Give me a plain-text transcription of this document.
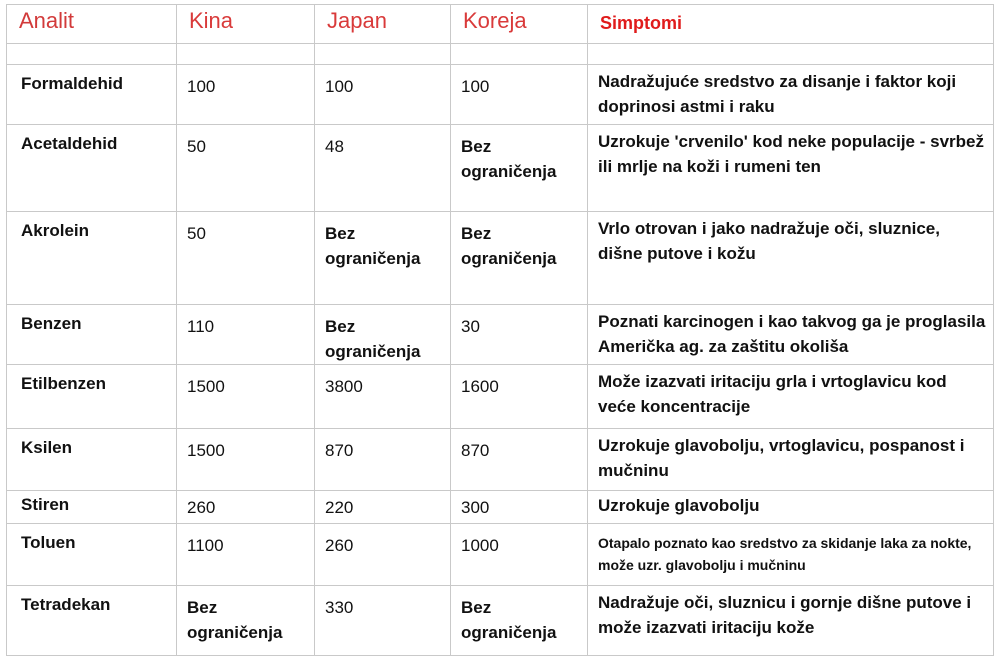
Analit	Kina	Japan	Koreja	Simptomi

Formaldehid	100	100	100	Nadražujuće sredstvo za disanje i faktor koji doprinosi astmi i raku
Acetaldehid	50	48	Bez ograničenja	Uzrokuje 'crvenilo' kod neke populacije - svrbež ili mrlje na koži i rumeni ten
Akrolein	50	Bez ograničenja	Bez ograničenja	Vrlo otrovan i jako nadražuje oči, sluznice, dišne putove i kožu
Benzen	110	Bez ograničenja	30	Poznati karcinogen i kao takvog ga je proglasila Američka ag. za zaštitu okoliša
Etilbenzen	1500	3800	1600	Može izazvati iritaciju grla i vrtoglavicu kod veće koncentracije
Ksilen	1500	870	870	Uzrokuje glavobolju, vrtoglavicu, pospanost i mučninu
Stiren	260	220	300	Uzrokuje glavobolju
Toluen	1100	260	1000	Otapalo poznato kao sredstvo za skidanje laka za nokte, može uzr. glavobolju i mučninu
Tetradekan	Bez ograničenja	330	Bez ograničenja	Nadražuje oči, sluznicu i gornje dišne putove i može izazvati iritaciju kože
